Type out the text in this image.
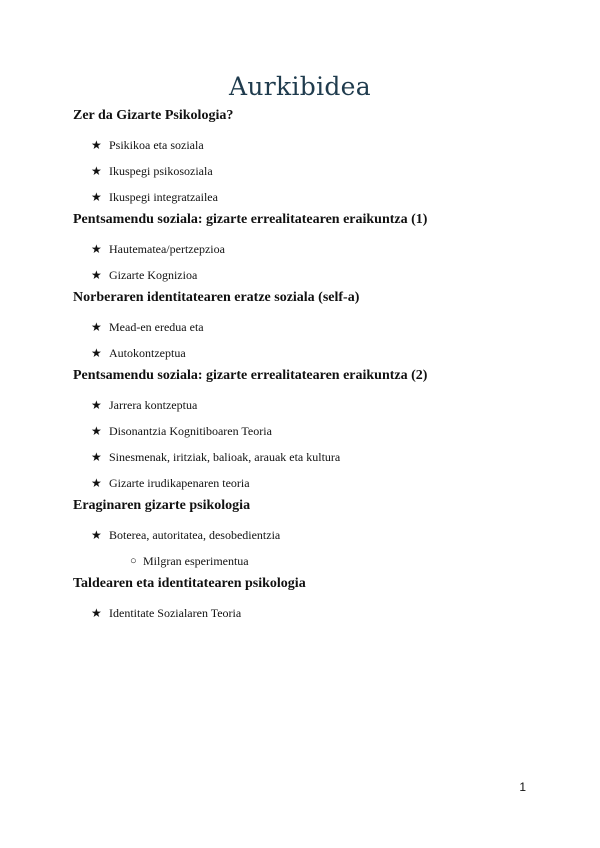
Aurkibidea
Zer da Gizarte Psikologia?
★ Psikikoa eta soziala
★ Ikuspegi psikosoziala
★ Ikuspegi integratzailea
Pentsamendu soziala: gizarte errealitatearen eraikuntza (1)
★ Hautematea/pertzepzioa
★ Gizarte Kognizioa
Norberaren identitatearen eratze soziala (self-a)
★ Mead-en eredua eta
★ Autokontzeptua
Pentsamendu soziala: gizarte errealitatearen eraikuntza (2)
★ Jarrera kontzeptua
★ Disonantzia Kognitiboaren Teoria
★ Sinesmenak, iritziak, balioak, arauak eta kultura
★ Gizarte irudikapenaren teoria
Eraginaren gizarte psikologia
★ Boterea, autoritatea, desobedientzia
○ Milgran esperimentua
Taldearen eta identitatearen psikologia
★ Identitate Sozialaren Teoria
1
